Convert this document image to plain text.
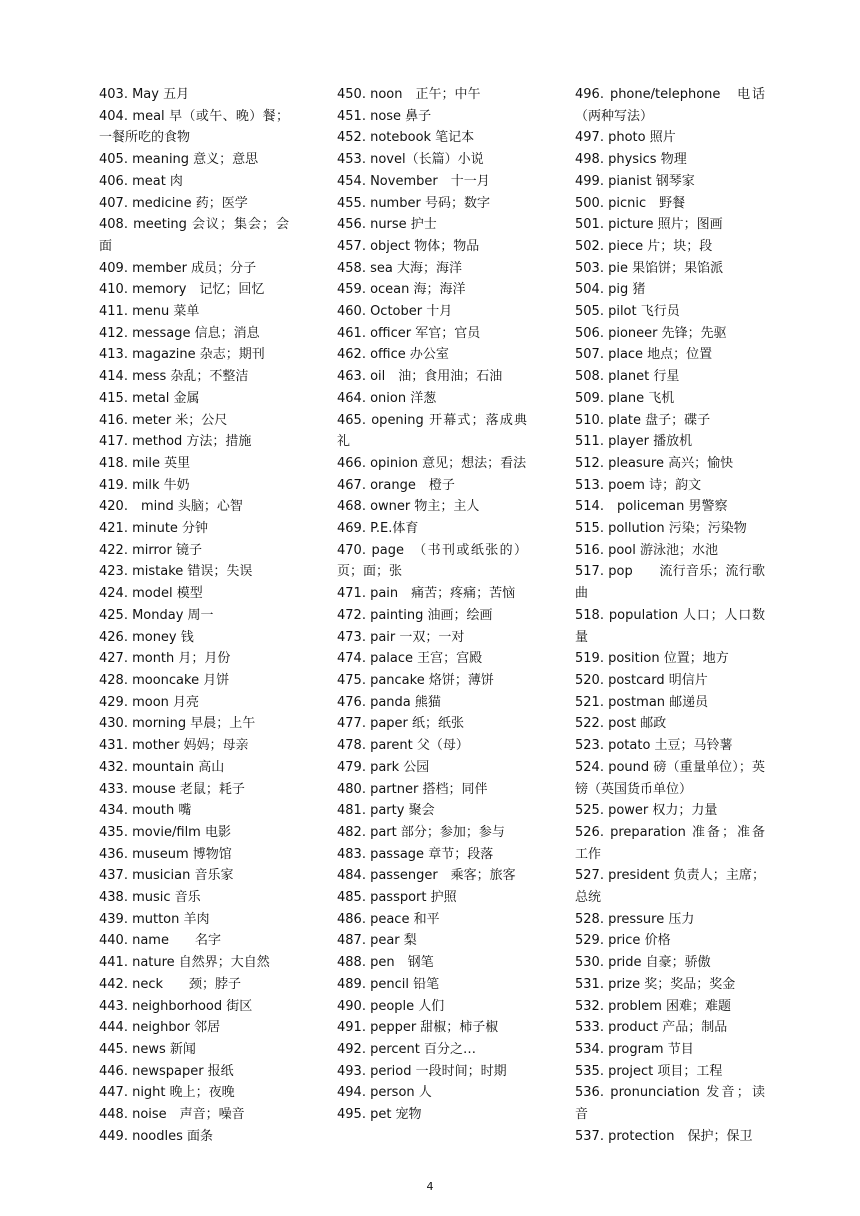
403. May 五月
404. meal 早（或午、晚）餐；一餐所吃的食物
405. meaning 意义；意思
406. meat 肉
407. medicine 药；医学
408. meeting 会议；集会；会面
409. member 成员；分子
410. memory　记忆；回忆
411. menu 菜单
412. message 信息；消息
413. magazine 杂志；期刊
414. mess 杂乱；不整洁
415. metal 金属
416. meter 米；公尺
417. method 方法；措施
418. mile 英里
419. milk 牛奶
420.　mind 头脑；心智
421. minute 分钟
422. mirror 镜子
423. mistake 错误；失误
424. model 模型
425. Monday 周一
426. money 钱
427. month 月；月份
428. mooncake 月饼
429. moon 月亮
430. morning 早晨；上午
431. mother 妈妈；母亲
432. mountain 高山
433. mouse 老鼠；耗子
434. mouth 嘴
435. movie/film 电影
436. museum 博物馆
437. musician 音乐家
438. music 音乐
439. mutton 羊肉
440. name　　名字
441. nature 自然界；大自然
442. neck　　颈；脖子
443. neighborhood 街区
444. neighbor 邻居
445. news 新闻
446. newspaper 报纸
447. night 晚上；夜晚
448. noise　声音；噪音
449. noodles 面条
450. noon　正午；中午
451. nose 鼻子
452. notebook 笔记本
453. novel（长篇）小说
454. November　十一月
455. number 号码；数字
456. nurse 护士
457. object 物体；物品
458. sea 大海；海洋
459. ocean 海；海洋
460. October 十月
461. officer 军官；官员
462. office 办公室
463. oil　油；食用油；石油
464. onion 洋葱
465. opening 开幕式；落成典礼
466. opinion 意见；想法；看法
467. orange　橙子
468. owner 物主；主人
469. P.E.体育
470. page　（书刊或纸张的）页；面；张
471. pain　痛苦；疼痛；苦恼
472. painting 油画；绘画
473. pair 一双；一对
474. palace 王宫；宫殿
475. pancake 烙饼；薄饼
476. panda 熊猫
477. paper 纸；纸张
478. parent 父（母）
479. park 公园
480. partner 搭档；同伴
481. party 聚会
482. part 部分；参加；参与
483. passage 章节；段落
484. passenger　乘客；旅客
485. passport 护照
486. peace 和平
487. pear 梨
488. pen　钢笔
489. pencil 铅笔
490. people 人们
491. pepper 甜椒；柿子椒
492. percent 百分之…
493. period 一段时间；时期
494. person 人
495. pet 宠物
496. phone/telephone　电话（两种写法）
497. photo 照片
498. physics 物理
499. pianist 钢琴家
500. picnic　野餐
501. picture 照片；图画
502. piece 片；块；段
503. pie 果馅饼；果馅派
504. pig 猪
505. pilot 飞行员
506. pioneer 先锋；先驱
507. place 地点；位置
508. planet 行星
509. plane 飞机
510. plate 盘子；碟子
511. player 播放机
512. pleasure 高兴；愉快
513. poem 诗；韵文
514.　policeman 男警察
515. pollution 污染；污染物
516. pool 游泳池；水池
517. pop　　流行音乐；流行歌曲
518. population 人口；人口数量
519. position 位置；地方
520. postcard 明信片
521. postman 邮递员
522. post 邮政
523. potato 土豆；马铃薯
524. pound 磅（重量单位）；英镑（英国货币单位）
525. power 权力；力量
526. preparation 准备；准备工作
527. president 负责人；主席；总统
528. pressure 压力
529. price 价格
530. pride 自豪；骄傲
531. prize 奖；奖品；奖金
532. problem 困难；难题
533. product 产品；制品
534. program 节目
535. project 项目；工程
536. pronunciation 发音；读音
537. protection　保护；保卫
4
